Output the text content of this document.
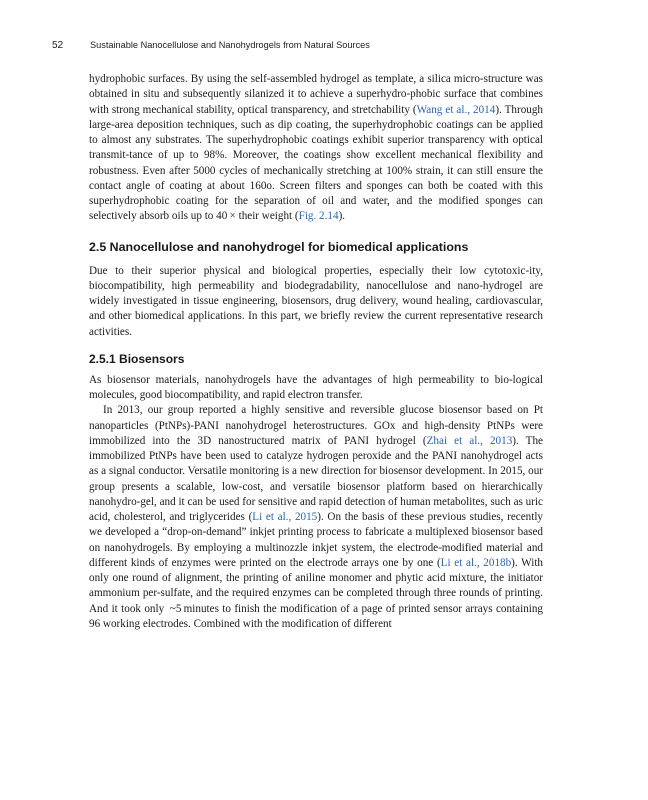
52	Sustainable Nanocellulose and Nanohydrogels from Natural Sources

hydrophobic surfaces. By using the self-assembled hydrogel as template, a silica micro-structure was obtained in situ and subsequently silanized it to achieve a superhydro-phobic surface that combines with strong mechanical stability, optical transparency, and stretchability (Wang et al., 2014). Through large-area deposition techniques, such as dip coating, the superhydrophobic coatings can be applied to almost any substrates. The superhydrophobic coatings exhibit superior transparency with optical transmit-tance of up to 98%. Moreover, the coatings show excellent mechanical flexibility and robustness. Even after 5000 cycles of mechanically stretching at 100% strain, it can still ensure the contact angle of coating at about 160ο. Screen filters and sponges can both be coated with this superhydrophobic coating for the separation of oil and water, and the modified sponges can selectively absorb oils up to 40 × their weight (Fig. 2.14).

2.5 Nanocellulose and nanohydrogel for biomedical applications

Due to their superior physical and biological properties, especially their low cytotoxic-ity, biocompatibility, high permeability and biodegradability, nanocellulose and nano-hydrogel are widely investigated in tissue engineering, biosensors, drug delivery, wound healing, cardiovascular, and other biomedical applications. In this part, we briefly review the current representative research activities.

2.5.1 Biosensors

As biosensor materials, nanohydrogels have the advantages of high permeability to bio-logical molecules, good biocompatibility, and rapid electron transfer.

In 2013, our group reported a highly sensitive and reversible glucose biosensor based on Pt nanoparticles (PtNPs)-PANI nanohydrogel heterostructures. GOx and high-density PtNPs were immobilized into the 3D nanostructured matrix of PANI hydrogel (Zhai et al., 2013). The immobilized PtNPs have been used to catalyze hydrogen peroxide and the PANI nanohydrogel acts as a signal conductor. Versatile monitoring is a new direction for biosensor development. In 2015, our group presents a scalable, low-cost, and versatile biosensor platform based on hierarchically nanohydro-gel, and it can be used for sensitive and rapid detection of human metabolites, such as uric acid, cholesterol, and triglycerides (Li et al., 2015). On the basis of these previous studies, recently we developed a “drop-on-demand” inkjet printing process to fabricate a multiplexed biosensor based on nanohydrogels. By employing a multinozzle inkjet system, the electrode-modified material and different kinds of enzymes were printed on the electrode arrays one by one (Li et al., 2018b). With only one round of alignment, the printing of aniline monomer and phytic acid mixture, the initiator ammonium per-sulfate, and the required enzymes can be completed through three rounds of printing. And it took only  ~5 minutes to finish the modification of a page of printed sensor arrays containing 96 working electrodes. Combined with the modification of different
